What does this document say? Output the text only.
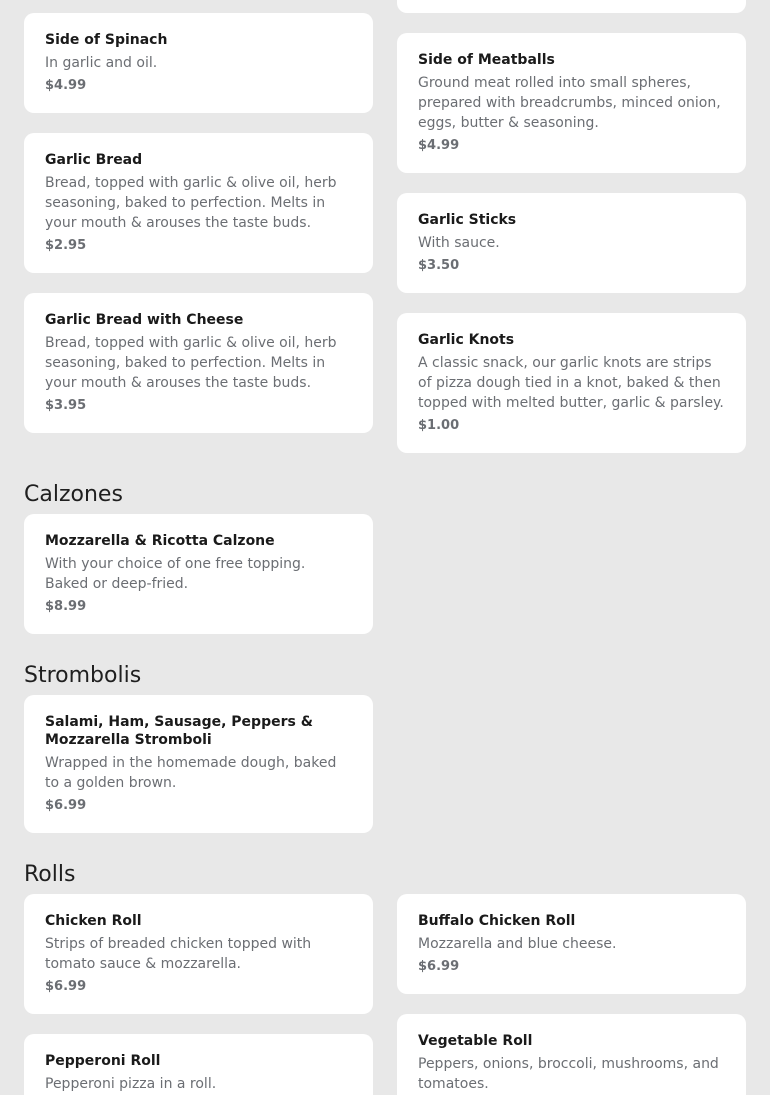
Side of Spinach
In garlic and oil.
$4.99
Garlic Bread
Bread, topped with garlic & olive oil, herb seasoning, baked to perfection. Melts in your mouth & arouses the taste buds.
$2.95
Garlic Bread with Cheese
Bread, topped with garlic & olive oil, herb seasoning, baked to perfection. Melts in your mouth & arouses the taste buds.
$3.95
Side of Meatballs
Ground meat rolled into small spheres, prepared with breadcrumbs, minced onion, eggs, butter & seasoning.
$4.99
Garlic Sticks
With sauce.
$3.50
Garlic Knots
A classic snack, our garlic knots are strips of pizza dough tied in a knot, baked & then topped with melted butter, garlic & parsley.
$1.00
Calzones
Mozzarella & Ricotta Calzone
With your choice of one free topping. Baked or deep-fried.
$8.99
Strombolis
Salami, Ham, Sausage, Peppers & Mozzarella Stromboli
Wrapped in the homemade dough, baked to a golden brown.
$6.99
Rolls
Chicken Roll
Strips of breaded chicken topped with tomato sauce & mozzarella.
$6.99
Pepperoni Roll
Pepperoni pizza in a roll.
Buffalo Chicken Roll
Mozzarella and blue cheese.
$6.99
Vegetable Roll
Peppers, onions, broccoli, mushrooms, and tomatoes.
